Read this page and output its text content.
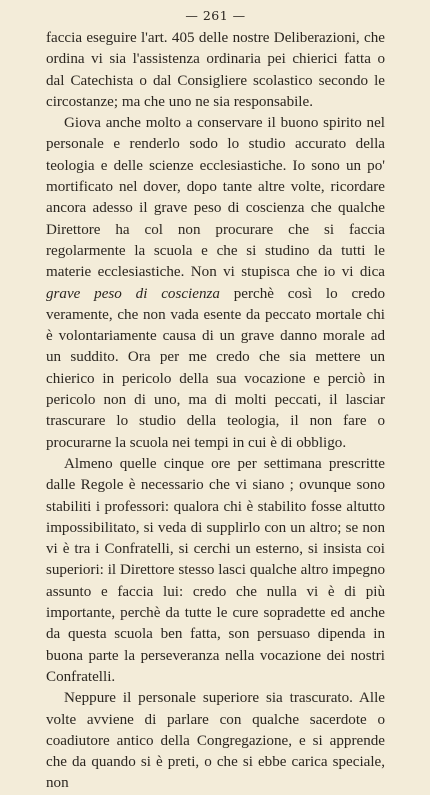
— 261 —

faccia eseguire l'art. 405 delle nostre Deliberazioni, che ordina vi sia l'assistenza ordinaria pei chierici fatta o dal Catechista o dal Consigliere scolastico secondo le circostanze; ma che uno ne sia responsabile.

Giova anche molto a conservare il buono spirito nel personale e renderlo sodo lo studio accurato della teologia e delle scienze ecclesiastiche. Io sono un po' mortificato nel dover, dopo tante altre volte, ricordare ancora adesso il grave peso di coscienza che qualche Direttore ha col non procurare che si faccia regolarmente la scuola e che si studino da tutti le materie ecclesiastiche. Non vi stupisca che io vi dica grave peso di coscienza perchè così lo credo veramente, che non vada esente da peccato mortale chi è volontariamente causa di un grave danno morale ad un suddito. Ora per me credo che sia mettere un chierico in pericolo della sua vocazione e perciò in pericolo non di uno, ma di molti peccati, il lasciar trascurare lo studio della teologia, il non fare o procurarne la scuola nei tempi in cui è di obbligo.

Almeno quelle cinque ore per settimana prescritte dalle Regole è necessario che vi siano ; ovunque sono stabiliti i professori: qualora chi è stabilito fosse altutto impossibilitato, si veda di supplirlo con un altro; se non vi è tra i Confratelli, si cerchi un esterno, si insista coi superiori: il Direttore stesso lasci qualche altro impegno assunto e faccia lui: credo che nulla vi è di più importante, perchè da tutte le cure sopradette ed anche da questa scuola ben fatta, son persuaso dipenda in buona parte la perseveranza nella vocazione dei nostri Confratelli.

Neppure il personale superiore sia trascurato. Alle volte avviene di parlare con qualche sacerdote o coadiutore antico della Congregazione, e si apprende che da quando si è preti, o che si ebbe carica speciale, non
